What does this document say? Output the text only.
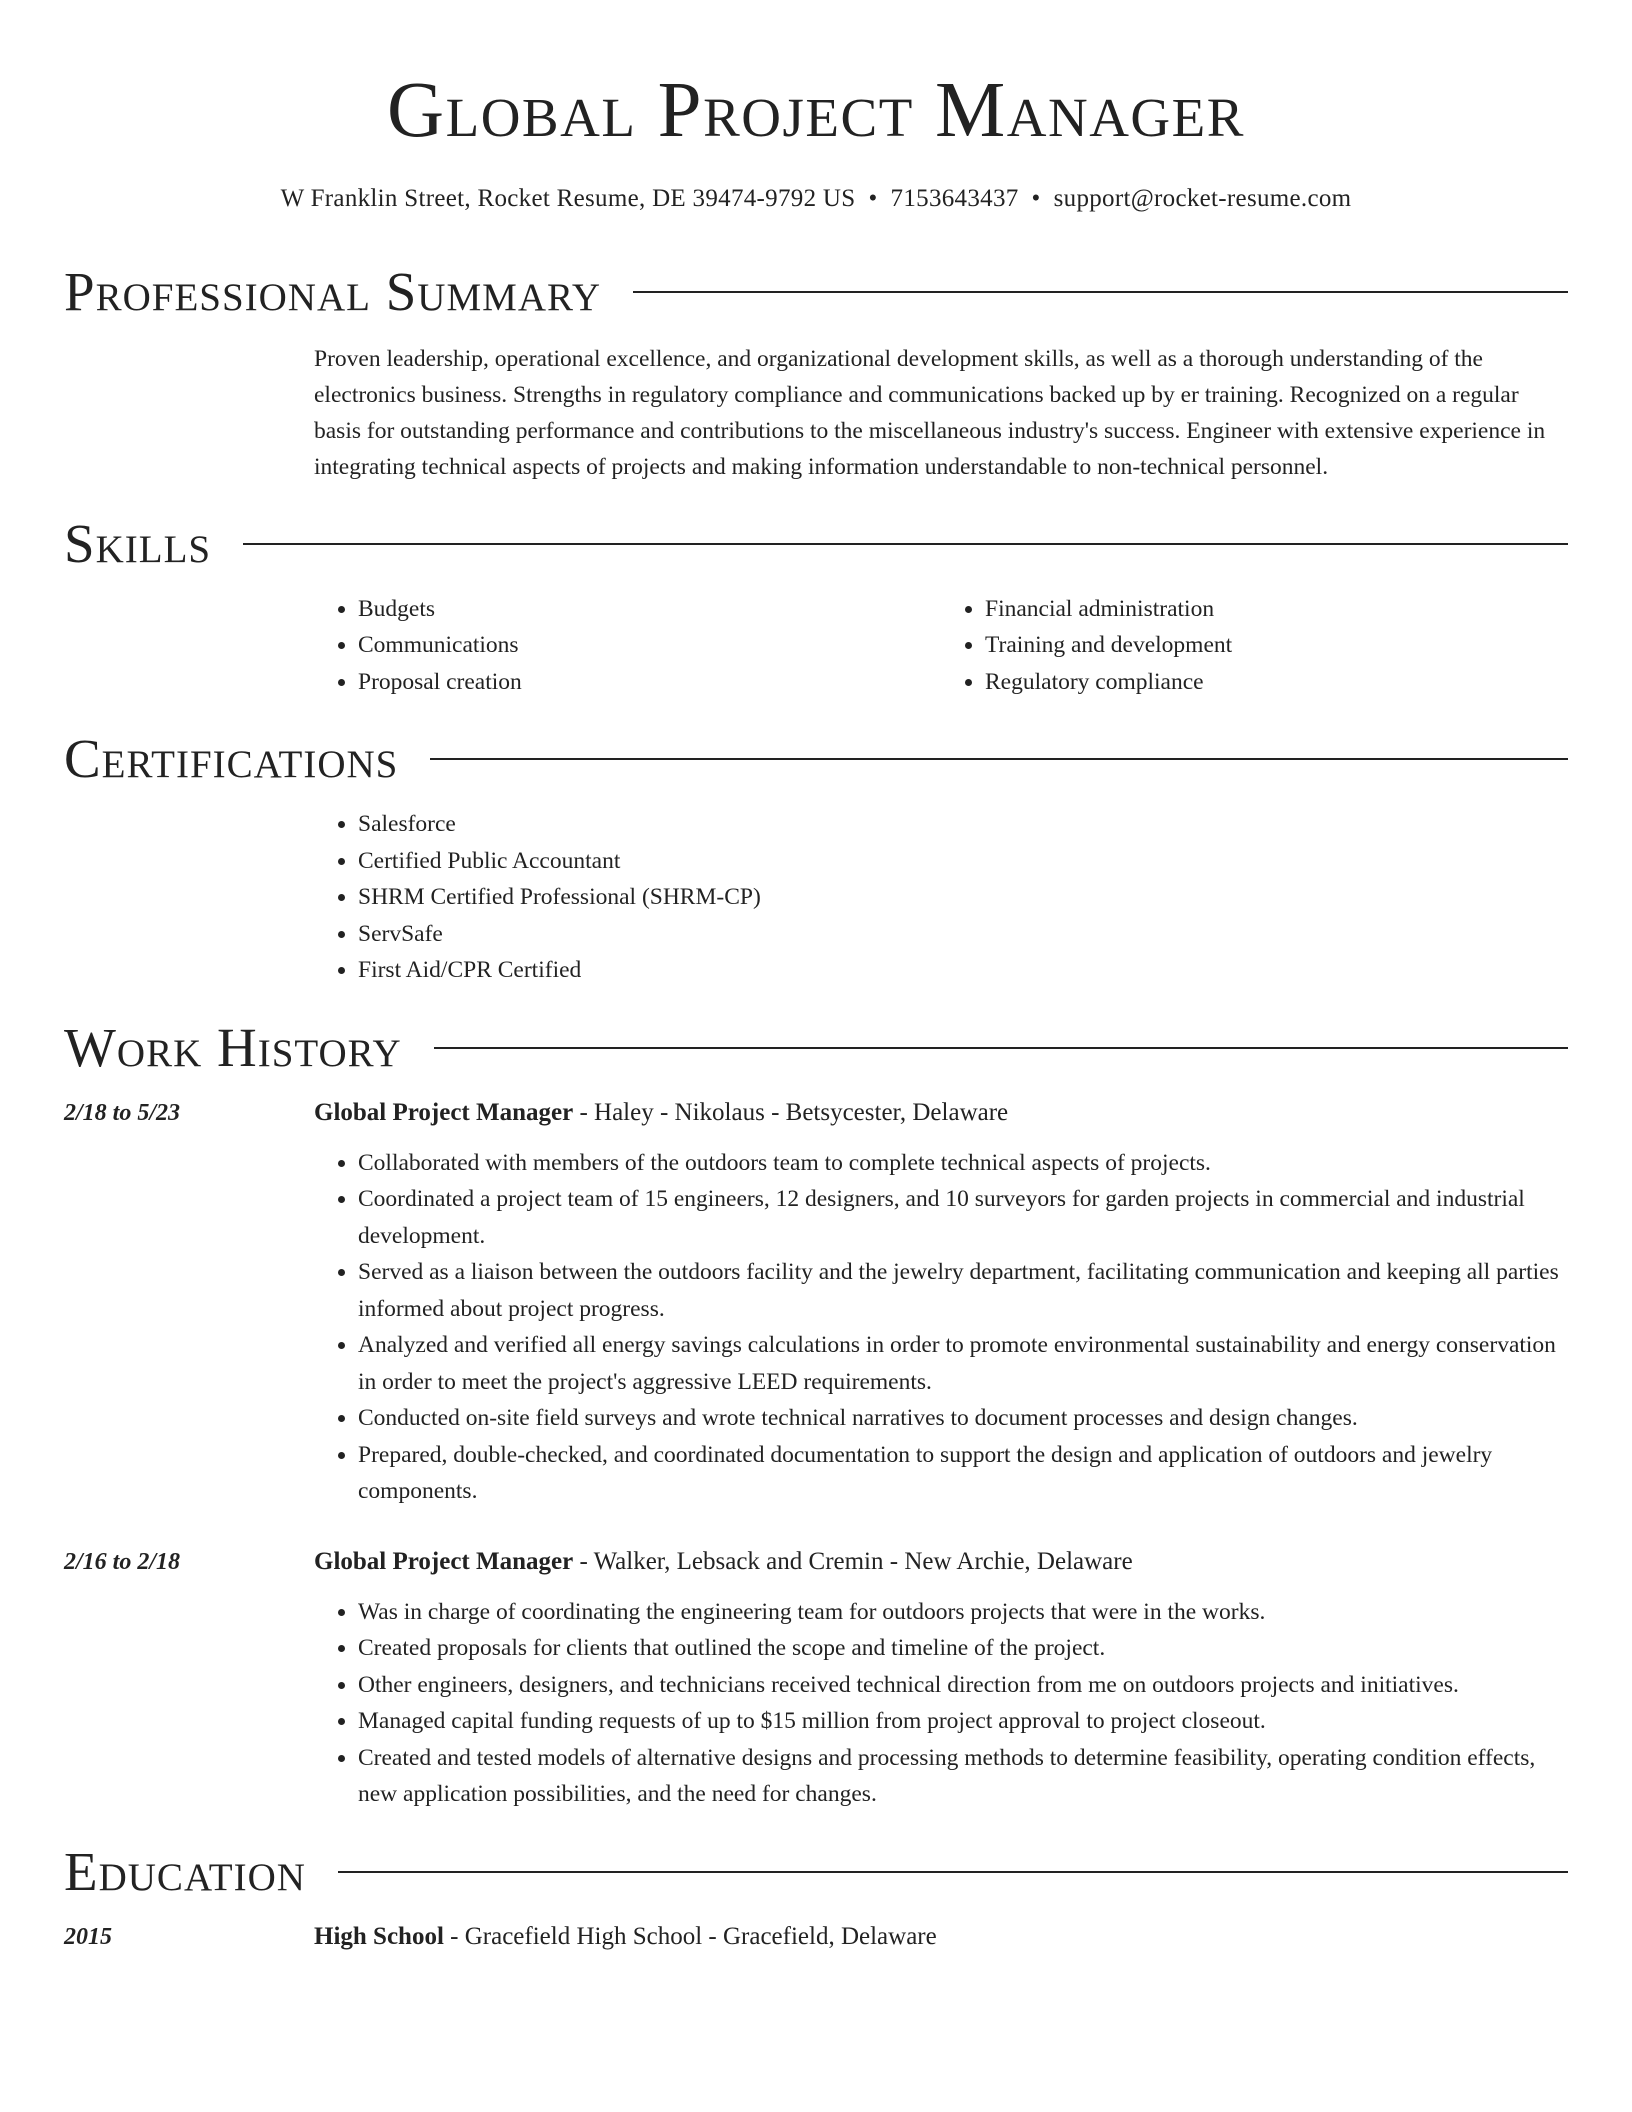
Global Project Manager
W Franklin Street, Rocket Resume, DE 39474-9792 US • 7153643437 • support@rocket-resume.com
Professional Summary
Proven leadership, operational excellence, and organizational development skills, as well as a thorough understanding of the electronics business. Strengths in regulatory compliance and communications backed up by er training. Recognized on a regular basis for outstanding performance and contributions to the miscellaneous industry's success. Engineer with extensive experience in integrating technical aspects of projects and making information understandable to non-technical personnel.
Skills
• Budgets
• Communications
• Proposal creation
• Financial administration
• Training and development
• Regulatory compliance
Certifications
• Salesforce
• Certified Public Accountant
• SHRM Certified Professional (SHRM-CP)
• ServSafe
• First Aid/CPR Certified
Work History
2/18 to 5/23	Global Project Manager - Haley - Nikolaus - Betsycester, Delaware
• Collaborated with members of the outdoors team to complete technical aspects of projects.
• Coordinated a project team of 15 engineers, 12 designers, and 10 surveyors for garden projects in commercial and industrial development.
• Served as a liaison between the outdoors facility and the jewelry department, facilitating communication and keeping all parties informed about project progress.
• Analyzed and verified all energy savings calculations in order to promote environmental sustainability and energy conservation in order to meet the project's aggressive LEED requirements.
• Conducted on-site field surveys and wrote technical narratives to document processes and design changes.
• Prepared, double-checked, and coordinated documentation to support the design and application of outdoors and jewelry components.
2/16 to 2/18	Global Project Manager - Walker, Lebsack and Cremin - New Archie, Delaware
• Was in charge of coordinating the engineering team for outdoors projects that were in the works.
• Created proposals for clients that outlined the scope and timeline of the project.
• Other engineers, designers, and technicians received technical direction from me on outdoors projects and initiatives.
• Managed capital funding requests of up to $15 million from project approval to project closeout.
• Created and tested models of alternative designs and processing methods to determine feasibility, operating condition effects, new application possibilities, and the need for changes.
Education
2015	High School - Gracefield High School - Gracefield, Delaware
